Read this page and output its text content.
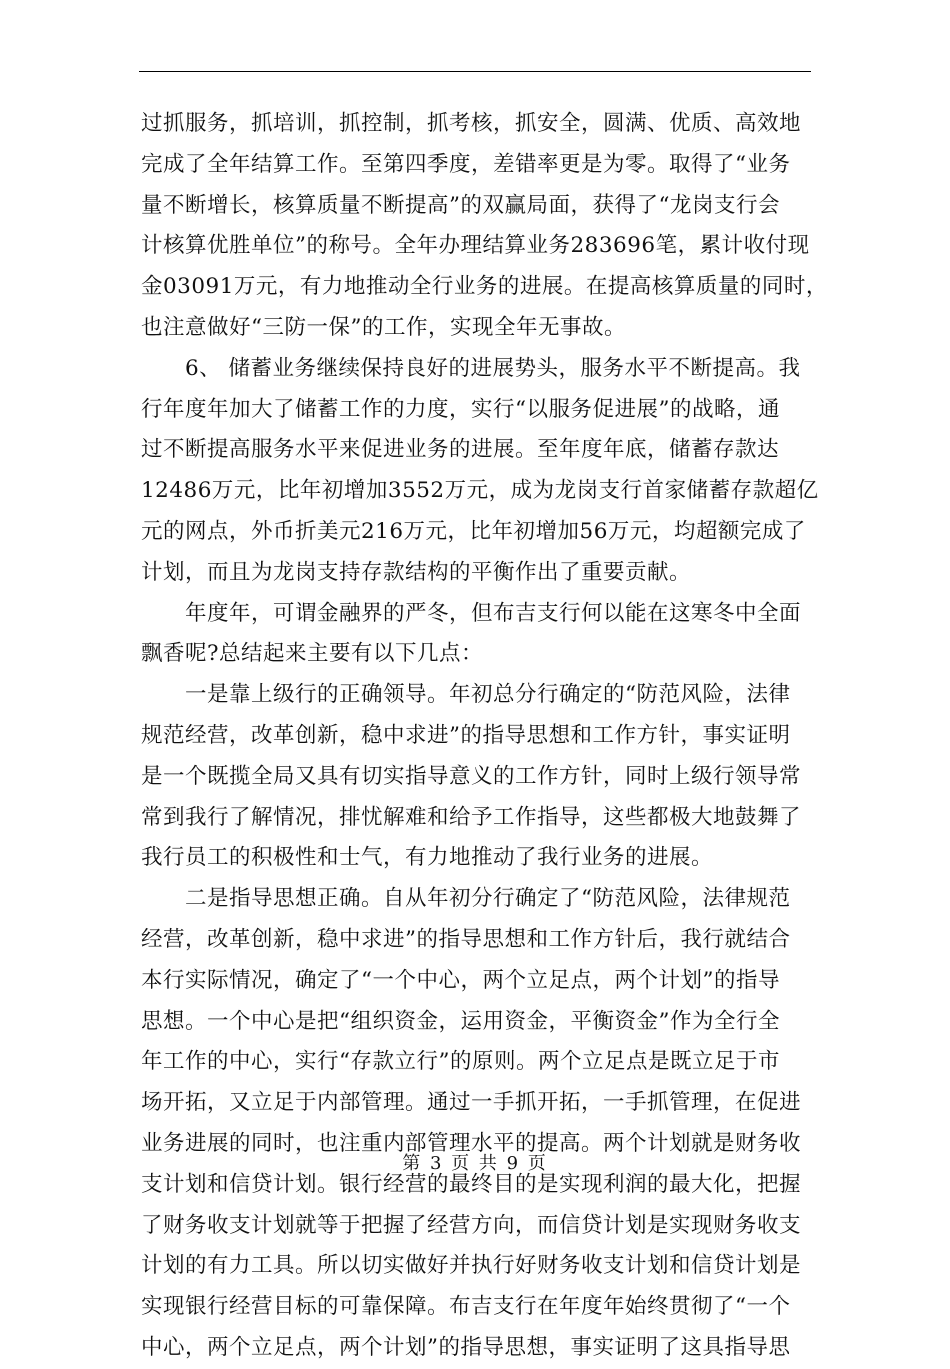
过抓服务，抓培训，抓控制，抓考核，抓安全，圆满、优质、高效地
完成了全年结算工作。至第四季度，差错率更是为零。取得了“业务
量不断增长，核算质量不断提高”的双赢局面，获得了“龙岗支行会
计核算优胜单位”的称号。全年办理结算业务283696笔，累计收付现
金03091万元，有力地推动全行业务的进展。在提高核算质量的同时，
也注意做好“三防一保”的工作，实现全年无事故。
6、 储蓄业务继续保持良好的进展势头，服务水平不断提高。我
行年度年加大了储蓄工作的力度，实行“以服务促进展”的战略，通
过不断提高服务水平来促进业务的进展。至年度年底，储蓄存款达
12486万元，比年初增加3552万元，成为龙岗支行首家储蓄存款超亿
元的网点，外币折美元216万元，比年初增加56万元，均超额完成了
计划，而且为龙岗支持存款结构的平衡作出了重要贡献。
年度年，可谓金融界的严冬，但布吉支行何以能在这寒冬中全面
飘香呢?总结起来主要有以下几点：
一是靠上级行的正确领导。年初总分行确定的“防范风险，法律
规范经营，改革创新，稳中求进”的指导思想和工作方针，事实证明
是一个既揽全局又具有切实指导意义的工作方针，同时上级行领导常
常到我行了解情况，排忧解难和给予工作指导，这些都极大地鼓舞了
我行员工的积极性和士气，有力地推动了我行业务的进展。
二是指导思想正确。自从年初分行确定了“防范风险，法律规范
经营，改革创新，稳中求进”的指导思想和工作方针后，我行就结合
本行实际情况，确定了“一个中心，两个立足点，两个计划”的指导
思想。一个中心是把“组织资金，运用资金，平衡资金”作为全行全
年工作的中心，实行“存款立行”的原则。两个立足点是既立足于市
场开拓，又立足于内部管理。通过一手抓开拓，一手抓管理，在促进
业务进展的同时，也注重内部管理水平的提高。两个计划就是财务收
支计划和信贷计划。银行经营的最终目的是实现利润的最大化，把握
了财务收支计划就等于把握了经营方向，而信贷计划是实现财务收支
计划的有力工具。所以切实做好并执行好财务收支计划和信贷计划是
实现银行经营目标的可靠保障。布吉支行在年度年始终贯彻了“一个
中心，两个立足点，两个计划”的指导思想，事实证明了这具指导思
第 3 页 共 9 页
